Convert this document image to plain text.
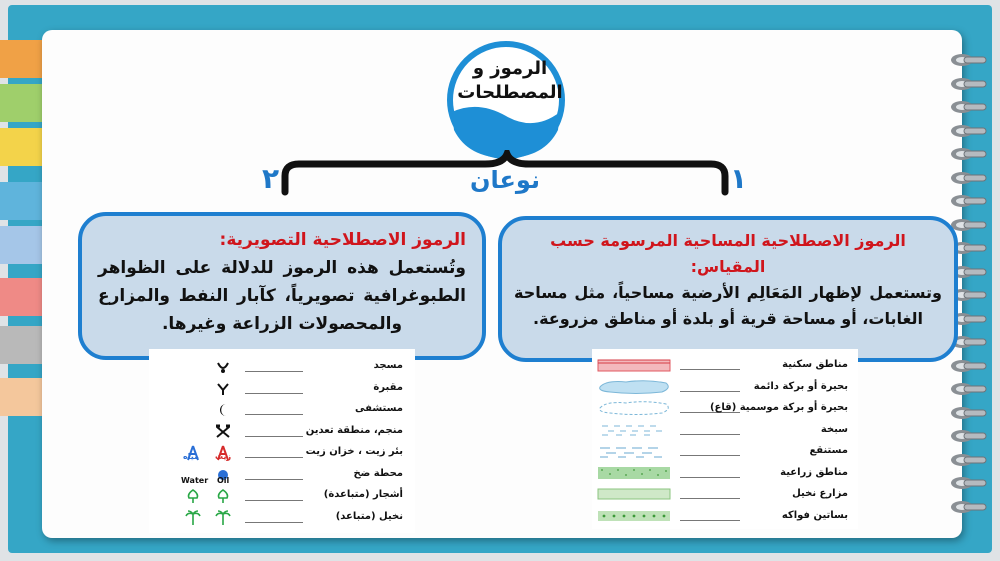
الرموز و
المصطلحات
٢	١
نوعان
الرموز الاصطلاحية التصويرية:
وتُستعمل هذه الرموز للدلالة على الظواهر الطبوغرافية تصويرياً، كآبار النفط والمزارع والمحصولات الزراعة وغيرها.
الرموز الاصطلاحية المساحية المرسومة حسب المقياس:
وتستعمل لإظهار المَعَالِم الأرضية مساحياً، مثل مساحة الغابات، أو مساحة قرية أو بلدة أو مناطق مزروعة.
مسجد
مقبرة
مستشفى
منجم، منطقة تعدين
بئر زيت ، خزان زيت
محطة ضخ
أشجار (متباعدة)
نخيل (متباعد)
زيت
مياه
Oil
Water
مناطق سكنية
بحيرة أو بركة دائمة
بحيرة أو بركة موسمية (قاع)
سبخة
مستنقع
مناطق زراعية
مزارع نخيل
بساتين فواكه
